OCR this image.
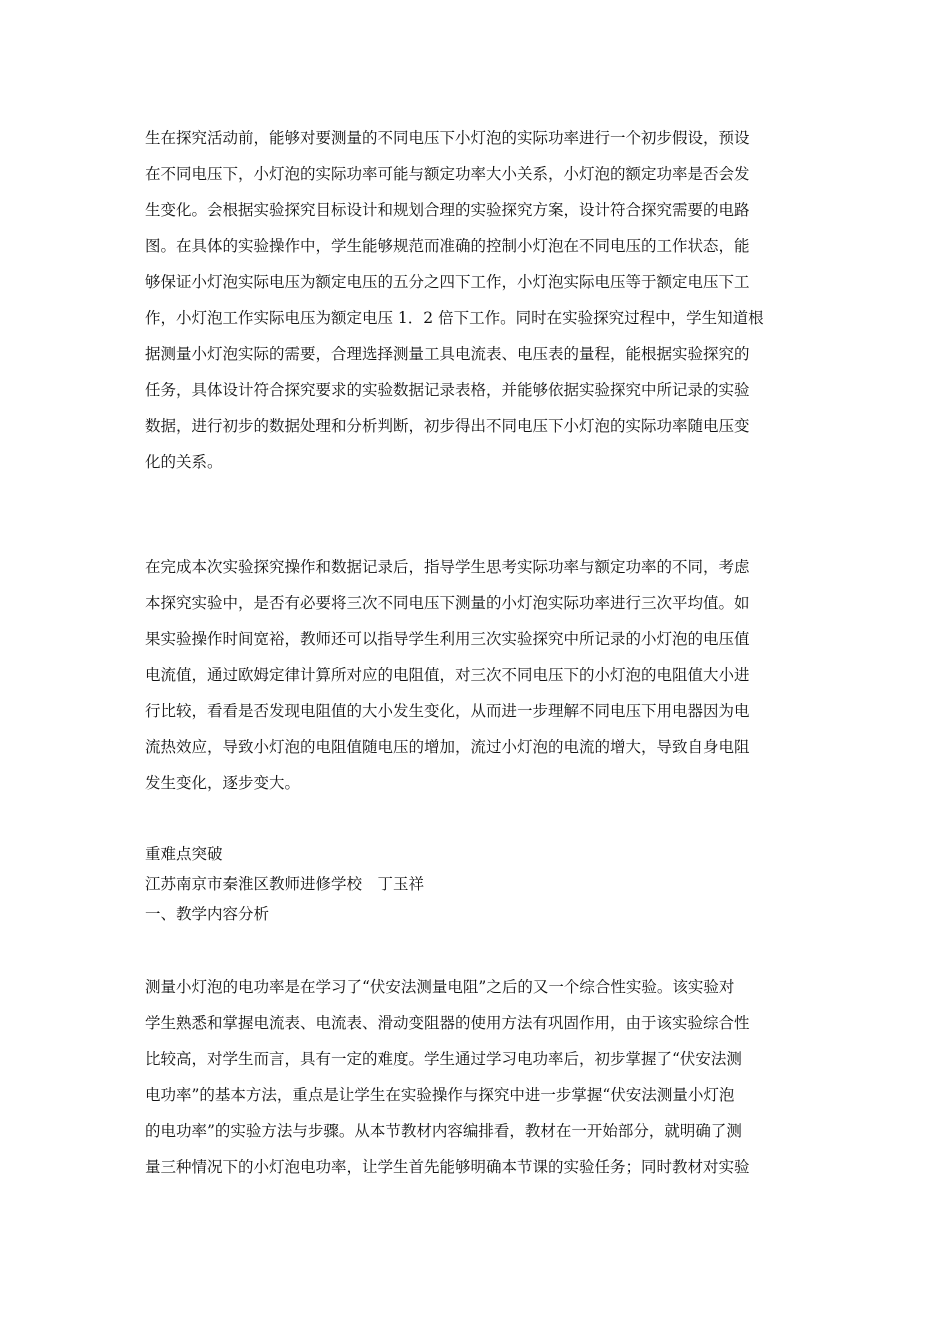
生在探究活动前，能够对要测量的不同电压下小灯泡的实际功率进行一个初步假设，预设
在不同电压下，小灯泡的实际功率可能与额定功率大小关系，小灯泡的额定功率是否会发
生变化。会根据实验探究目标设计和规划合理的实验探究方案，设计符合探究需要的电路
图。在具体的实验操作中，学生能够规范而准确的控制小灯泡在不同电压的工作状态，能
够保证小灯泡实际电压为额定电压的五分之四下工作，小灯泡实际电压等于额定电压下工
作，小灯泡工作实际电压为额定电压 1．2 倍下工作。同时在实验探究过程中，学生知道根
据测量小灯泡实际的需要，合理选择测量工具电流表、电压表的量程，能根据实验探究的
任务，具体设计符合探究要求的实验数据记录表格，并能够依据实验探究中所记录的实验
数据，进行初步的数据处理和分析判断，初步得出不同电压下小灯泡的实际功率随电压变
化的关系。
在完成本次实验探究操作和数据记录后，指导学生思考实际功率与额定功率的不同，考虑
本探究实验中，是否有必要将三次不同电压下测量的小灯泡实际功率进行三次平均值。如
果实验操作时间宽裕，教师还可以指导学生利用三次实验探究中所记录的小灯泡的电压值
电流值，通过欧姆定律计算所对应的电阻值，对三次不同电压下的小灯泡的电阻值大小进
行比较，看看是否发现电阻值的大小发生变化，从而进一步理解不同电压下用电器因为电
流热效应，导致小灯泡的电阻值随电压的增加，流过小灯泡的电流的增大，导致自身电阻
发生变化，逐步变大。
重难点突破
江苏南京市秦淮区教师进修学校　丁玉祥
一、教学内容分析
测量小灯泡的电功率是在学习了“伏安法测量电阻”之后的又一个综合性实验。该实验对
学生熟悉和掌握电流表、电流表、滑动变阻器的使用方法有巩固作用，由于该实验综合性
比较高，对学生而言，具有一定的难度。学生通过学习电功率后，初步掌握了“伏安法测
电功率”的基本方法，重点是让学生在实验操作与探究中进一步掌握“伏安法测量小灯泡
的电功率”的实验方法与步骤。从本节教材内容编排看，教材在一开始部分，就明确了测
量三种情况下的小灯泡电功率，让学生首先能够明确本节课的实验任务；同时教材对实验
